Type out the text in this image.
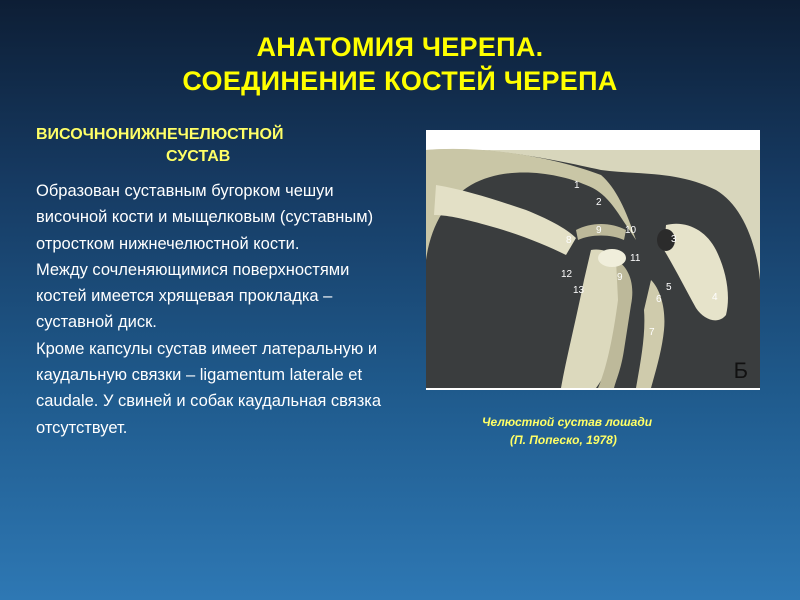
АНАТОМИЯ ЧЕРЕПА.
СОЕДИНЕНИЕ КОСТЕЙ ЧЕРЕПА
ВИСОЧНОНИЖНЕЧЕЛЮСТНОЙ
СУСТАВ

Образован суставным бугорком чешуи височной кости и мыщелковым (суставным) отростком нижнечелюстной кости.

Между сочленяющимися поверхностями костей имеется хрящевая прокладка – суставной диск.

Кроме капсулы сустав имеет латеральную и каудальную связки – ligamentum laterale et caudale. У свиней и собак каудальная связка отсутствует.

1
2
3
4
5
6
7
8
9 10
11
12
13
9
Б
Челюстной сустав лошади
(П. Попеско, 1978)
